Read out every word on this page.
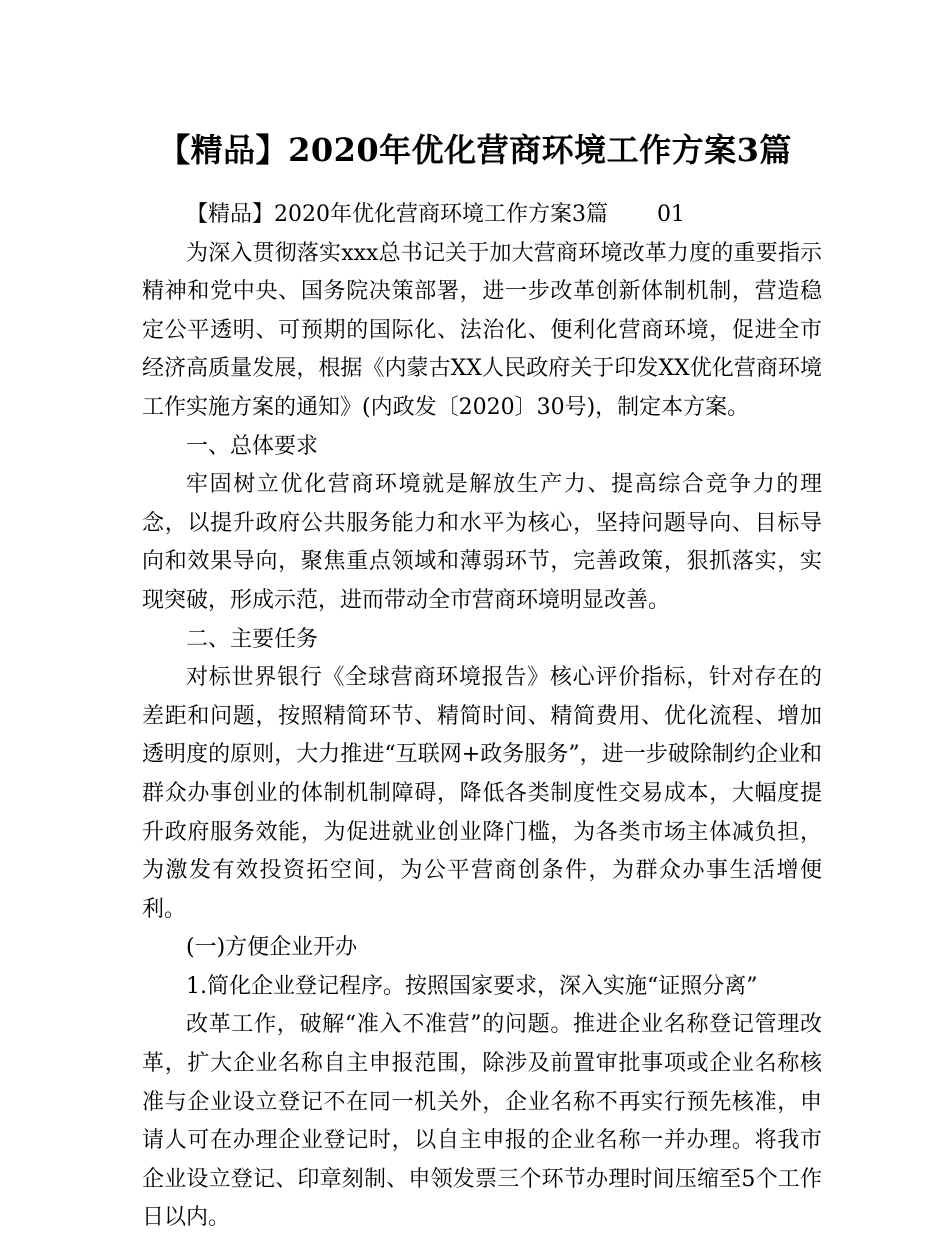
【精品】2020年优化营商环境工作方案3篇

【精品】2020年优化营商环境工作方案3篇       01

为深入贯彻落实xxx总书记关于加大营商环境改革力度的重要指示精神和党中央、国务院决策部署，进一步改革创新体制机制，营造稳定公平透明、可预期的国际化、法治化、便利化营商环境，促进全市经济高质量发展，根据《内蒙古XX人民政府关于印发XX优化营商环境工作实施方案的通知》(内政发〔2020〕30号)，制定本方案。

一、总体要求

牢固树立优化营商环境就是解放生产力、提高综合竞争力的理念，以提升政府公共服务能力和水平为核心，坚持问题导向、目标导向和效果导向，聚焦重点领域和薄弱环节，完善政策，狠抓落实，实现突破，形成示范，进而带动全市营商环境明显改善。

二、主要任务

对标世界银行《全球营商环境报告》核心评价指标，针对存在的差距和问题，按照精简环节、精简时间、精简费用、优化流程、增加透明度的原则，大力推进“互联网+政务服务”，进一步破除制约企业和群众办事创业的体制机制障碍，降低各类制度性交易成本，大幅度提升政府服务效能，为促进就业创业降门槛，为各类市场主体减负担，为激发有效投资拓空间，为公平营商创条件，为群众办事生活增便利。

(一)方便企业开办

1.简化企业登记程序。按照国家要求，深入实施“证照分离”

改革工作，破解“准入不准营”的问题。推进企业名称登记管理改革，扩大企业名称自主申报范围，除涉及前置审批事项或企业名称核准与企业设立登记不在同一机关外，企业名称不再实行预先核准，申请人可在办理企业登记时，以自主申报的企业名称一并办理。将我市企业设立登记、印章刻制、申领发票三个环节办理时间压缩至5个工作日以内。
